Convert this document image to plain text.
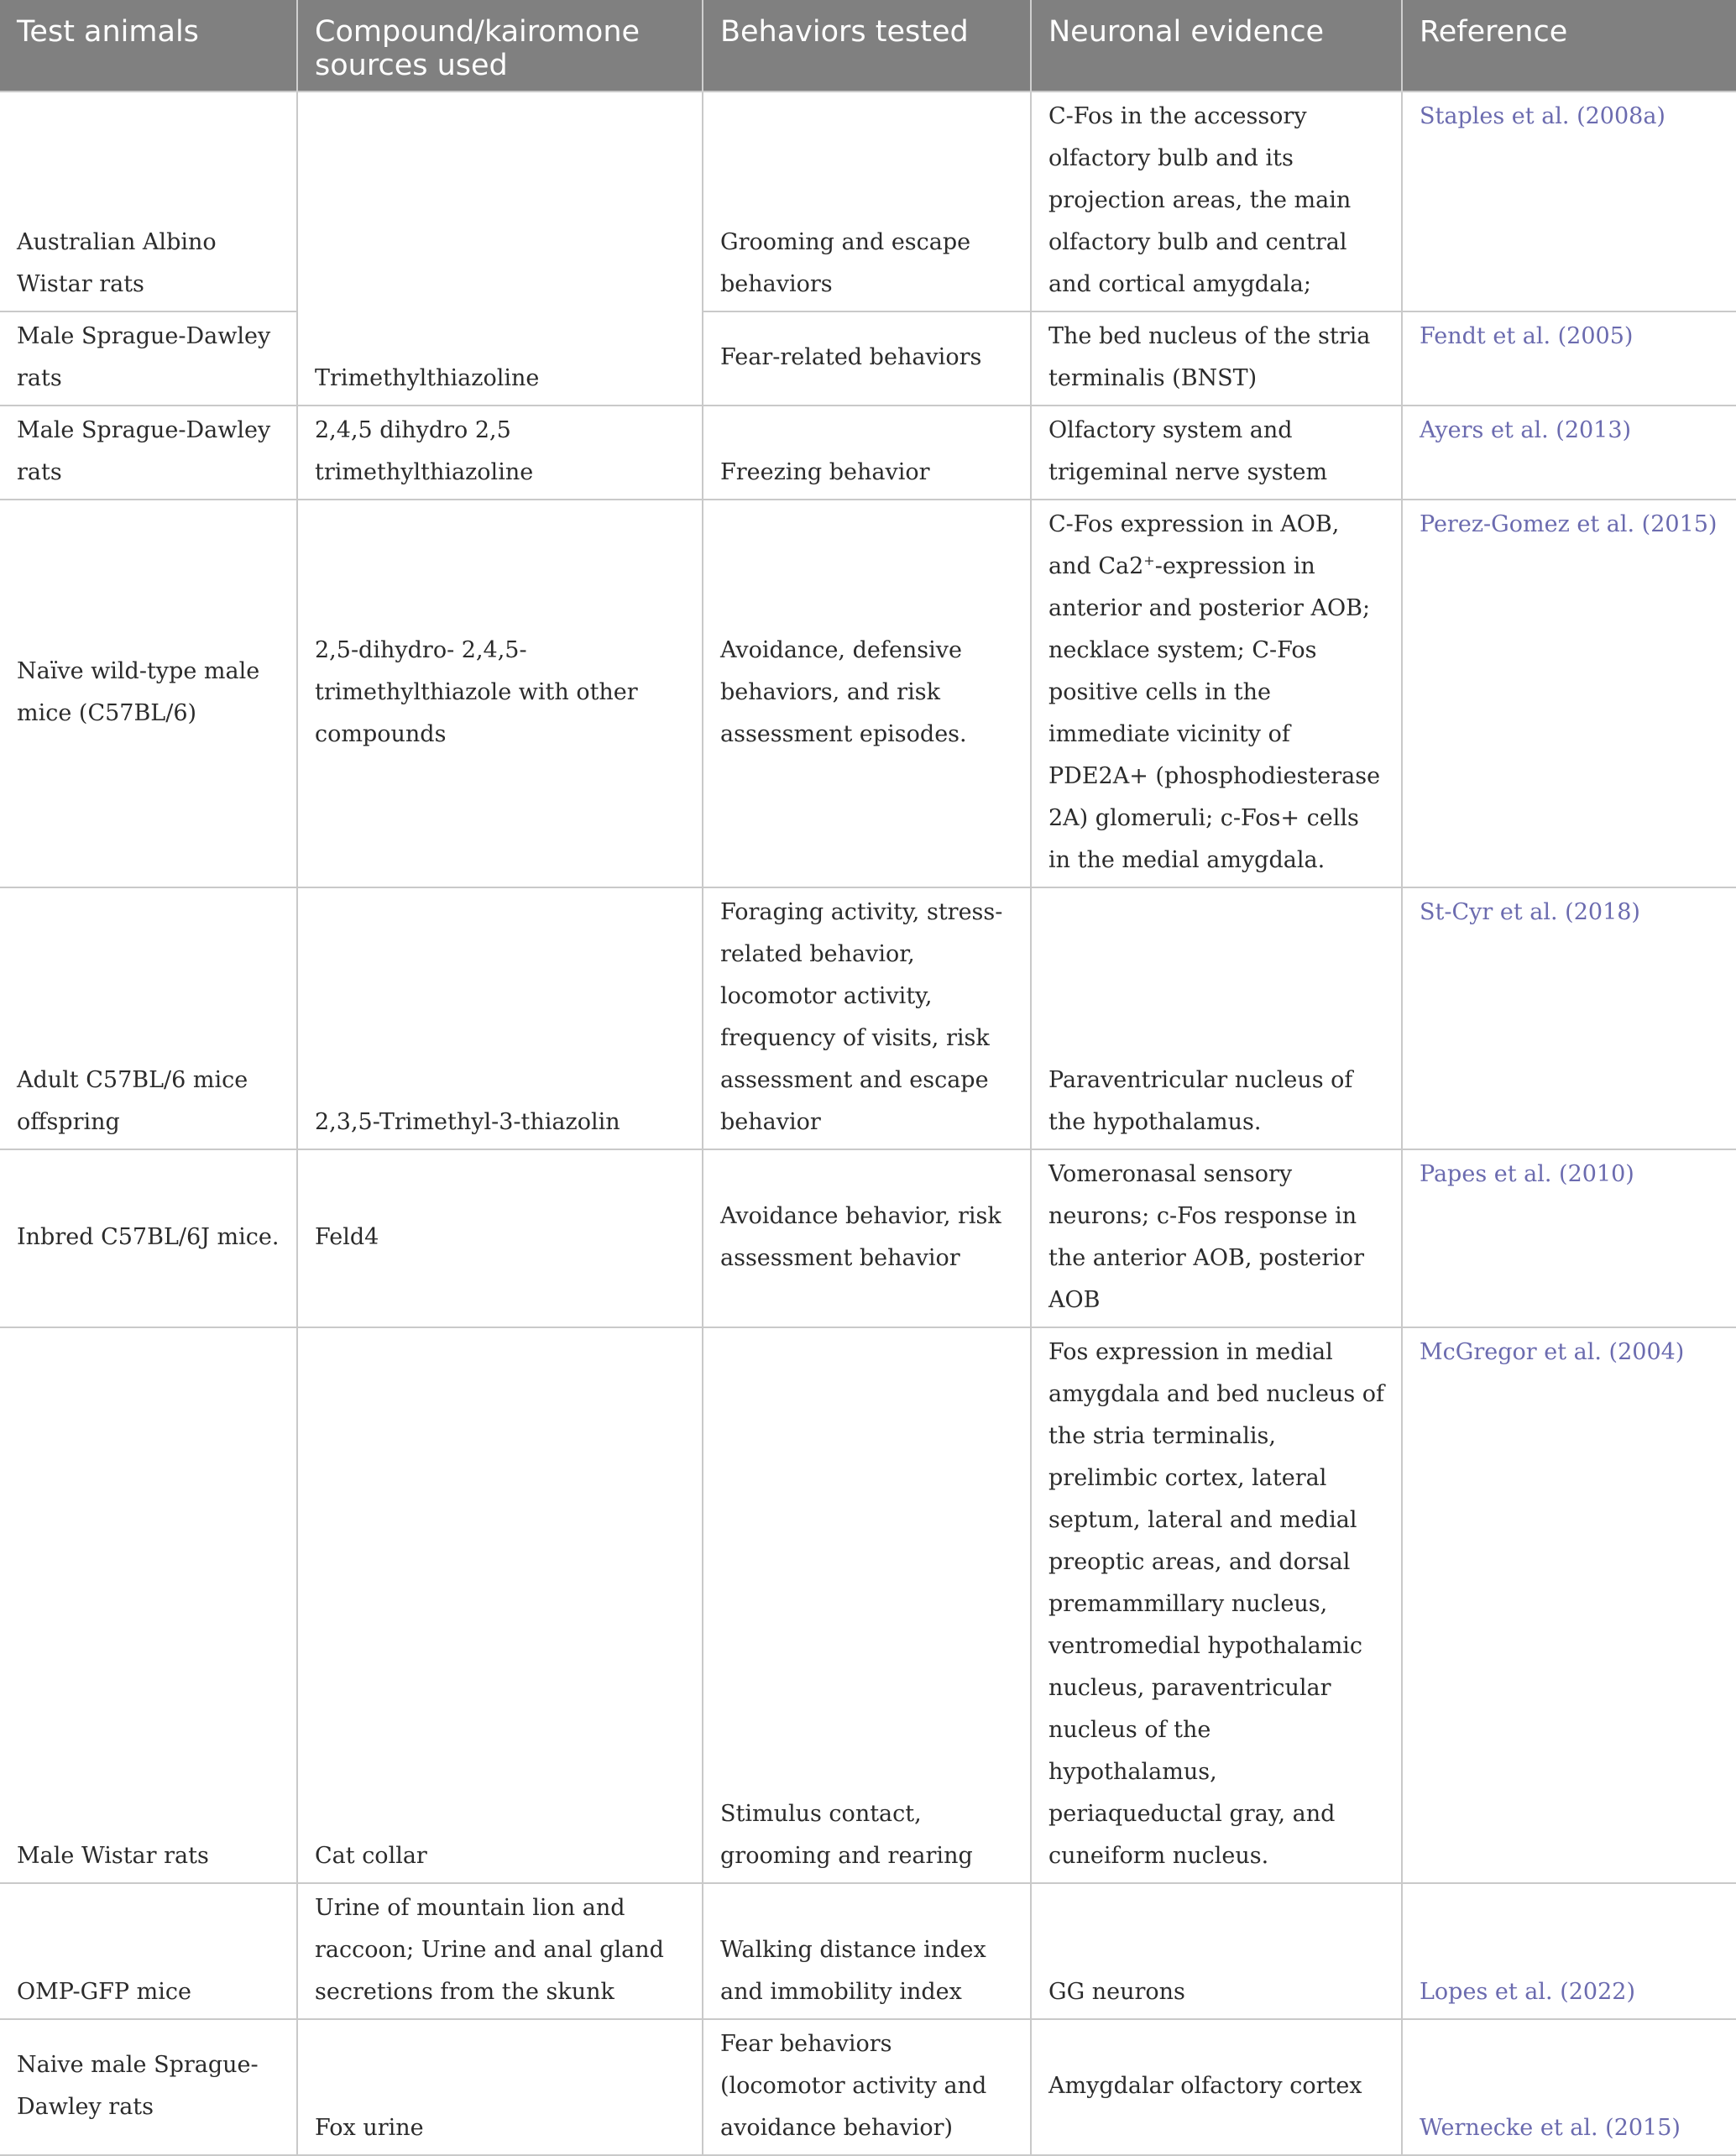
Test animals	Compound/kairomone sources used	Behaviors tested	Neuronal evidence	Reference
Australian Albino Wistar rats	Trimethylthiazoline	Grooming and escape behaviors	C-Fos in the accessory olfactory bulb and its projection areas, the main olfactory bulb and central and cortical amygdala;	Staples et al. (2008a)
Male Sprague-Dawley rats		Fear-related behaviors	The bed nucleus of the stria terminalis (BNST)	Fendt et al. (2005)
Male Sprague-Dawley rats	2,4,5 dihydro 2,5 trimethylthiazoline	Freezing behavior	Olfactory system and trigeminal nerve system	Ayers et al. (2013)
Naïve wild-type male mice (C57BL/6)	2,5-dihydro- 2,4,5-trimethylthiazole with other compounds	Avoidance, defensive behaviors, and risk assessment episodes.	C-Fos expression in AOB, and Ca2+-expression in anterior and posterior AOB; necklace system; C-Fos positive cells in the immediate vicinity of PDE2A+ (phosphodiesterase 2A) glomeruli; c-Fos+ cells in the medial amygdala.	Perez-Gomez et al. (2015)
Adult C57BL/6 mice offspring	2,3,5-Trimethyl-3-thiazolin	Foraging activity, stress-related behavior, locomotor activity, frequency of visits, risk assessment and escape behavior	Paraventricular nucleus of the hypothalamus.	St-Cyr et al. (2018)
Inbred C57BL/6J mice.	Feld4	Avoidance behavior, risk assessment behavior	Vomeronasal sensory neurons; c-Fos response in the anterior AOB, posterior AOB	Papes et al. (2010)
Male Wistar rats	Cat collar	Stimulus contact, grooming and rearing	Fos expression in medial amygdala and bed nucleus of the stria terminalis, prelimbic cortex, lateral septum, lateral and medial preoptic areas, and dorsal premammillary nucleus, ventromedial hypothalamic nucleus, paraventricular nucleus of the hypothalamus, periaqueductal gray, and cuneiform nucleus.	McGregor et al. (2004)
OMP-GFP mice	Urine of mountain lion and raccoon; Urine and anal gland secretions from the skunk	Walking distance index and immobility index	GG neurons	Lopes et al. (2022)
Naive male Sprague-Dawley rats	Fox urine	Fear behaviors (locomotor activity and avoidance behavior)	Amygdalar olfactory cortex	Wernecke et al. (2015)
